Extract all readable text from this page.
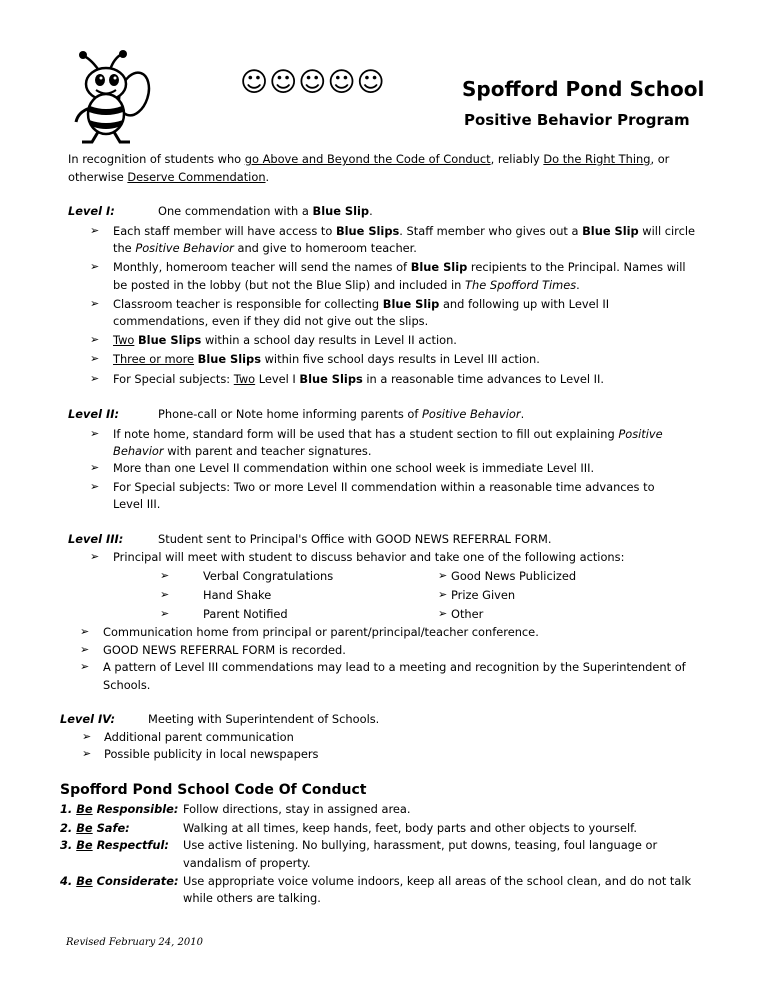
☺☺☺☺☺	Spofford Pond School
Positive Behavior Program
In recognition of students who go Above and Beyond the Code of Conduct, reliably Do the Right Thing, or
otherwise Deserve Commendation.
Level I:	One commendation with a Blue Slip.
➢ Each staff member will have access to Blue Slips. Staff member who gives out a Blue Slip will circle
the Positive Behavior and give to homeroom teacher.
➢ Monthly, homeroom teacher will send the names of Blue Slip recipients to the Principal. Names will
be posted in the lobby (but not the Blue Slip) and included in The Spofford Times.
➢ Classroom teacher is responsible for collecting Blue Slip and following up with Level II
commendations, even if they did not give out the slips.
➢ Two Blue Slips within a school day results in Level II action.
➢ Three or more Blue Slips within five school days results in Level III action.
➢ For Special subjects: Two Level I Blue Slips in a reasonable time advances to Level II.
Level II:	Phone-call or Note home informing parents of Positive Behavior.
➢ If note home, standard form will be used that has a student section to fill out explaining Positive
Behavior with parent and teacher signatures.
➢ More than one Level II commendation within one school week is immediate Level III.
➢ For Special subjects: Two or more Level II commendation within a reasonable time advances to
Level III.
Level III:	Student sent to Principal's Office with GOOD NEWS REFERRAL FORM.
➢ Principal will meet with student to discuss behavior and take one of the following actions:
➢	Verbal Congratulations	➢ Good News Publicized
➢	Hand Shake	➢ Prize Given
➢	Parent Notified	➢ Other
➢ Communication home from principal or parent/principal/teacher conference.
➢ GOOD NEWS REFERRAL FORM is recorded.
➢ A pattern of Level III commendations may lead to a meeting and recognition by the Superintendent of
Schools.
Level IV:	Meeting with Superintendent of Schools.
➢ Additional parent communication
➢ Possible publicity in local newspapers
Spofford Pond School Code Of Conduct
1. Be Responsible: Follow directions, stay in assigned area.
2. Be Safe:	Walking at all times, keep hands, feet, body parts and other objects to yourself.
3. Be Respectful: Use active listening. No bullying, harassment, put downs, teasing, foul language or
vandalism of property.
4. Be Considerate: Use appropriate voice volume indoors, keep all areas of the school clean, and do not talk
while others are talking.
Revised February 24, 2010
